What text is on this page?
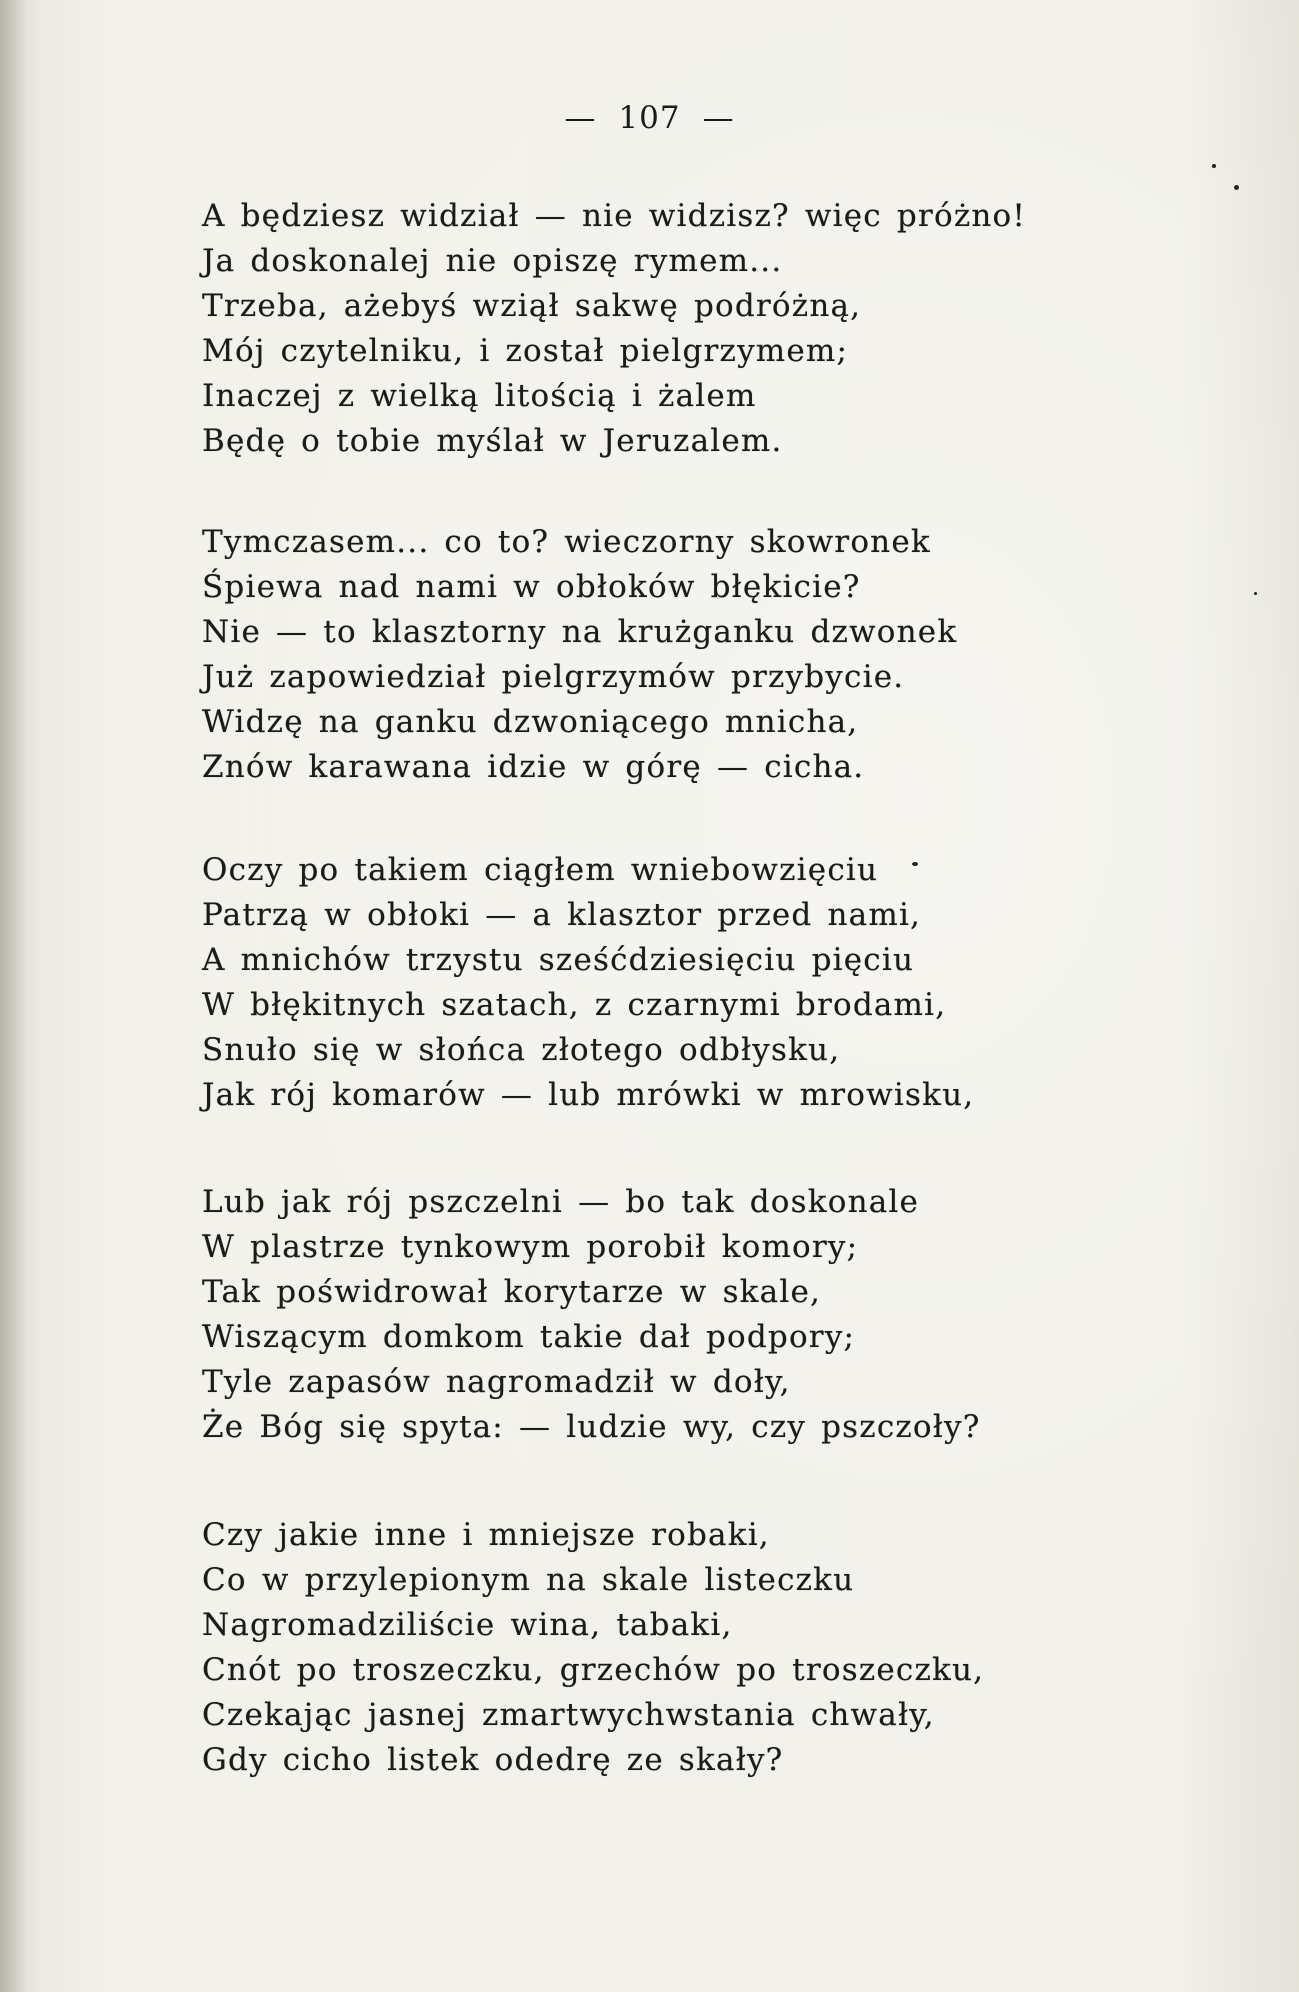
— 107 —
A będziesz widział — nie widzisz? więc próżno!
Ja doskonalej nie opiszę rymem...
Trzeba, ażebyś wziął sakwę podróżną,
Mój czytelniku, i został pielgrzymem;
Inaczej z wielką litością i żalem
Będę o tobie myślał w Jeruzalem.
Tymczasem... co to? wieczorny skowronek
Śpiewa nad nami w obłoków błękicie?
Nie — to klasztorny na krużganku dzwonek
Już zapowiedział pielgrzymów przybycie.
Widzę na ganku dzwoniącego mnicha,
Znów karawana idzie w górę — cicha.
Oczy po takiem ciągłem wniebowzięciu
Patrzą w obłoki — a klasztor przed nami,
A mnichów trzystu sześćdziesięciu pięciu
W błękitnych szatach, z czarnymi brodami,
Snuło się w słońca złotego odbłysku,
Jak rój komarów — lub mrówki w mrowisku,
Lub jak rój pszczelni — bo tak doskonale
W plastrze tynkowym porobił komory;
Tak poświdrował korytarze w skale,
Wiszącym domkom takie dał podpory;
Tyle zapasów nagromadził w doły,
Że Bóg się spyta: — ludzie wy, czy pszczoły?
Czy jakie inne i mniejsze robaki,
Co w przylepionym na skale listeczku
Nagromadziliście wina, tabaki,
Cnót po troszeczku, grzechów po troszeczku,
Czekając jasnej zmartwychwstania chwały,
Gdy cicho listek odedrę ze skały?
